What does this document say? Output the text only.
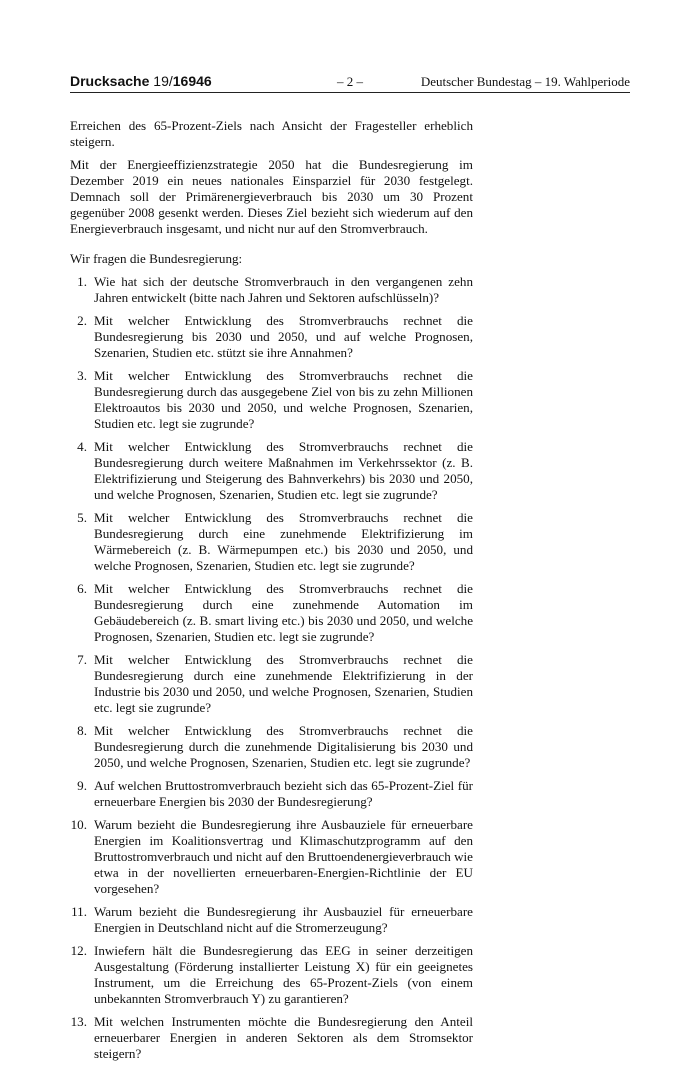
Drucksache 19/16946	– 2 –	Deutscher Bundestag – 19. Wahlperiode

Erreichen des 65-Prozent-Ziels nach Ansicht der Fragesteller erheblich steigern.

Mit der Energieeffizienzstrategie 2050 hat die Bundesregierung im Dezember 2019 ein neues nationales Einsparziel für 2030 festgelegt. Demnach soll der Primärenergieverbrauch bis 2030 um 30 Prozent gegenüber 2008 gesenkt werden. Dieses Ziel bezieht sich wiederum auf den Energieverbrauch insgesamt, und nicht nur auf den Stromverbrauch.

Wir fragen die Bundesregierung:

1. Wie hat sich der deutsche Stromverbrauch in den vergangenen zehn Jahren entwickelt (bitte nach Jahren und Sektoren aufschlüsseln)?
2. Mit welcher Entwicklung des Stromverbrauchs rechnet die Bundesregierung bis 2030 und 2050, und auf welche Prognosen, Szenarien, Studien etc. stützt sie ihre Annahmen?
3. Mit welcher Entwicklung des Stromverbrauchs rechnet die Bundesregierung durch das ausgegebene Ziel von bis zu zehn Millionen Elektroautos bis 2030 und 2050, und welche Prognosen, Szenarien, Studien etc. legt sie zugrunde?
4. Mit welcher Entwicklung des Stromverbrauchs rechnet die Bundesregierung durch weitere Maßnahmen im Verkehrssektor (z. B. Elektrifizierung und Steigerung des Bahnverkehrs) bis 2030 und 2050, und welche Prognosen, Szenarien, Studien etc. legt sie zugrunde?
5. Mit welcher Entwicklung des Stromverbrauchs rechnet die Bundesregierung durch eine zunehmende Elektrifizierung im Wärmebereich (z. B. Wärmepumpen etc.) bis 2030 und 2050, und welche Prognosen, Szenarien, Studien etc. legt sie zugrunde?
6. Mit welcher Entwicklung des Stromverbrauchs rechnet die Bundesregierung durch eine zunehmende Automation im Gebäudebereich (z. B. smart living etc.) bis 2030 und 2050, und welche Prognosen, Szenarien, Studien etc. legt sie zugrunde?
7. Mit welcher Entwicklung des Stromverbrauchs rechnet die Bundesregierung durch eine zunehmende Elektrifizierung in der Industrie bis 2030 und 2050, und welche Prognosen, Szenarien, Studien etc. legt sie zugrunde?
8. Mit welcher Entwicklung des Stromverbrauchs rechnet die Bundesregierung durch die zunehmende Digitalisierung bis 2030 und 2050, und welche Prognosen, Szenarien, Studien etc. legt sie zugrunde?
9. Auf welchen Bruttostromverbrauch bezieht sich das 65-Prozent-Ziel für erneuerbare Energien bis 2030 der Bundesregierung?
10. Warum bezieht die Bundesregierung ihre Ausbauziele für erneuerbare Energien im Koalitionsvertrag und Klimaschutzprogramm auf den Bruttostromverbrauch und nicht auf den Bruttoendenergieverbrauch wie etwa in der novellierten erneuerbaren-Energien-Richtlinie der EU vorgesehen?
11. Warum bezieht die Bundesregierung ihr Ausbauziel für erneuerbare Energien in Deutschland nicht auf die Stromerzeugung?
12. Inwiefern hält die Bundesregierung das EEG in seiner derzeitigen Ausgestaltung (Förderung installierter Leistung X) für ein geeignetes Instrument, um die Erreichung des 65-Prozent-Ziels (von einem unbekannten Stromverbrauch Y) zu garantieren?
13. Mit welchen Instrumenten möchte die Bundesregierung den Anteil erneuerbarer Energien in anderen Sektoren als dem Stromsektor steigern?
